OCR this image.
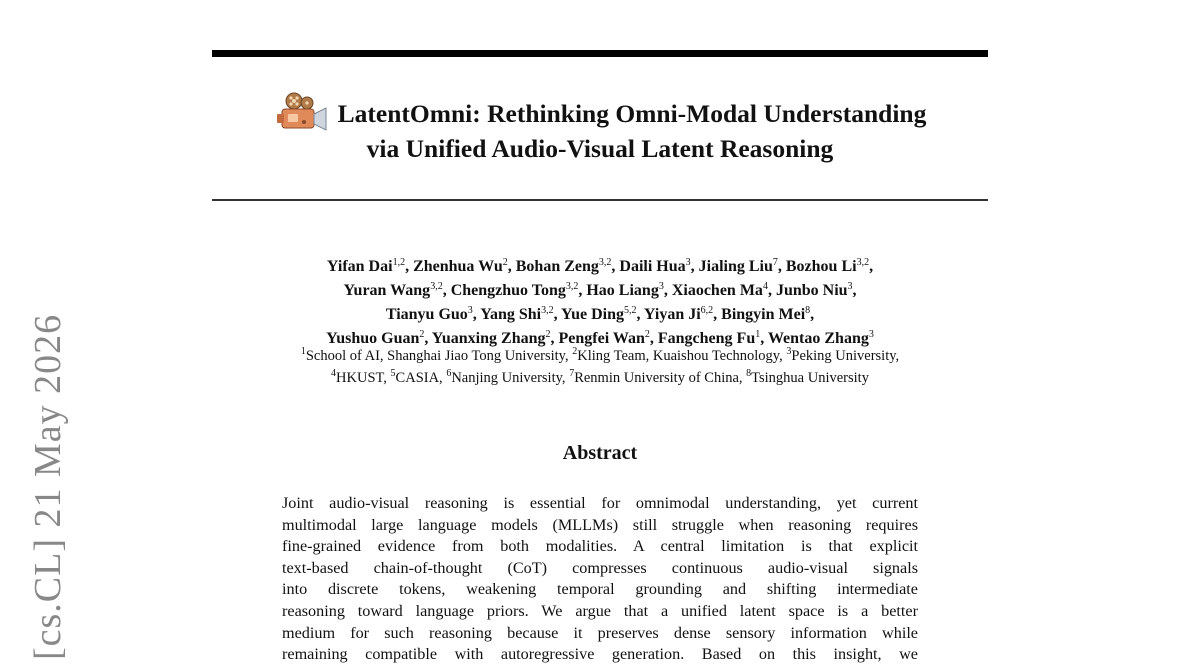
LatentOmni: Rethinking Omni-Modal Understanding
via Unified Audio-Visual Latent Reasoning
Yifan Dai$^{1,2}$, Zhenhua Wu$^2$, Bohan Zeng$^{3,2}$, Daili Hua$^3$, Jialing Liu$^7$, Bozhou Li$^{3,2}$,
Yuran Wang$^{3,2}$, Chengzhuo Tong$^{3,2}$, Hao Liang$^3$, Xiaochen Ma$^4$, Junbo Niu$^3$,
Tianyu Guo$^3$, Yang Shi$^{3,2}$, Yue Ding$^{5,2}$, Yiyan Ji$^{6,2}$, Bingyin Mei$^8$,
Yushuo Guan$^2$, Yuanxing Zhang$^2$, Pengfei Wan$^2$, Fangcheng Fu$^1$, Wentao Zhang$^3$
$^1$School of AI, Shanghai Jiao Tong University, $^2$Kling Team, Kuaishou Technology, $^3$Peking University,
$^4$HKUST, $^5$CASIA, $^6$Nanjing University, $^7$Renmin University of China, $^8$Tsinghua University
Abstract
Joint audio-visual reasoning is essential for omnimodal understanding, yet current
multimodal large language models (MLLMs) still struggle when reasoning requires
fine-grained evidence from both modalities. A central limitation is that explicit
text-based chain-of-thought (CoT) compresses continuous audio-visual signals
into discrete tokens, weakening temporal grounding and shifting intermediate
reasoning toward language priors. We argue that a unified latent space is a better
medium for such reasoning because it preserves dense sensory information while
remaining compatible with autoregressive generation. Based on this insight, we
[cs.CL] 21 May 2026
